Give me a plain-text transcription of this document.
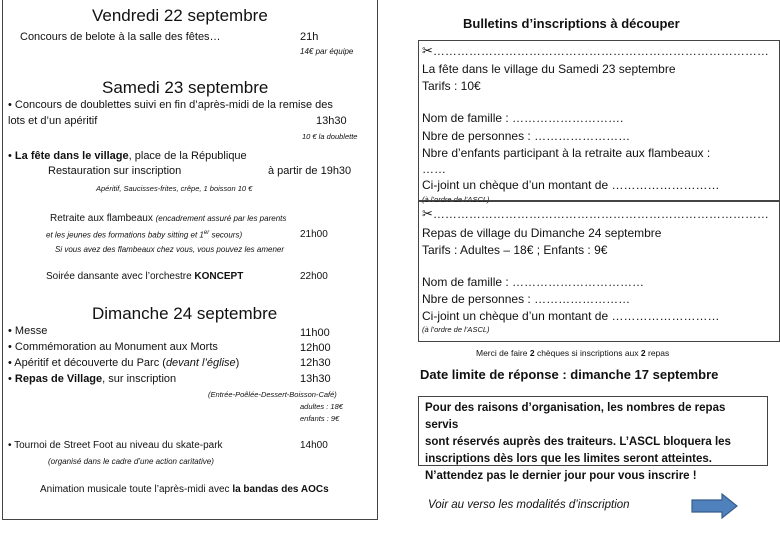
Vendredi 22 septembre
Concours de belote à la salle des fêtes…	21h
14€ par équipe
Samedi 23 septembre
• Concours de doublettes suivi en fin d’après-midi de la remise des
lots et d’un apéritif	13h30
10 € la doublette
• La fête dans le village, place de la République
Restauration sur inscription	à partir de 19h30
Apéritif, Saucisses-frites, crêpe, 1 boisson 10 €
Retraite aux flambeaux (encadrement assuré par les parents
et les jeunes des formations baby sitting et 1er secours)	21h00
Si vous avez des flambeaux chez vous, vous pouvez les amener
Soirée dansante avec l’orchestre KONCEPT	22h00
Dimanche 24 septembre
• Messe	11h00
• Commémoration au Monument aux Morts	12h00
• Apéritif et découverte du Parc (devant l’église)	12h30
• Repas de Village, sur inscription	13h30
(Entrée-Poêlée-Dessert-Boisson-Café)
adultes : 18€
enfants : 9€
• Tournoi de Street Foot au niveau du skate-park	14h00
(organisé dans le cadre d’une action caritative)
Animation musicale toute l’après-midi avec la bandas des AOCs
Bulletins d’inscriptions à découper
✂…………………………………………………………………………
La fête dans le village du Samedi 23 septembre
Tarifs : 10€
Nom de famille : ……………………….
Nbre de personnes : ……………………
Nbre d’enfants participant à la retraite aux flambeaux :
……
Ci-joint un chèque d’un montant de ………………………
(à l’ordre de l’ASCL)
✂…………………………………………………………………………
Repas de village du Dimanche 24 septembre
Tarifs : Adultes – 18€ ; Enfants : 9€
Nom de famille : ……………………………
Nbre de personnes : ……………………
Ci-joint un chèque d’un montant de ………………………
(à l’ordre de l’ASCL)
Merci de faire 2 chèques si inscriptions aux 2 repas
Date limite de réponse : dimanche 17 septembre
Pour des raisons d’organisation, les nombres de repas servis
sont réservés auprès des traiteurs. L’ASCL bloquera les
inscriptions dès lors que les limites seront atteintes.
N’attendez pas le dernier jour pour vous inscrire !
Voir au verso les modalités d’inscription
